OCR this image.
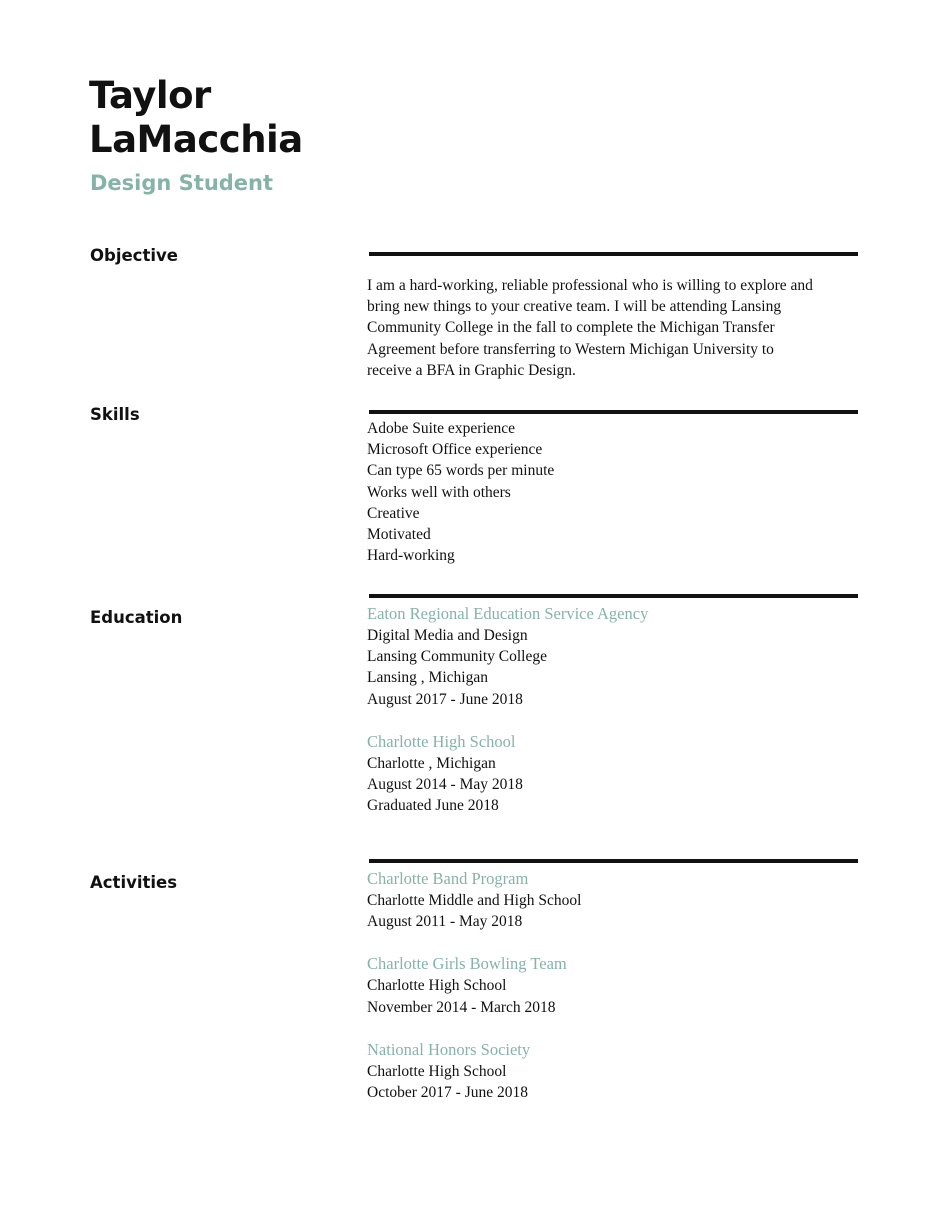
Taylor
LaMacchia
Design Student
Objective
I am a hard-working, reliable professional who is willing to explore and
bring new things to your creative team. I will be attending Lansing
Community College in the fall to complete the Michigan Transfer
Agreement before transferring to Western Michigan University to
receive a BFA in Graphic Design.
Skills
Adobe Suite experience
Microsoft Office experience
Can type 65 words per minute
Works well with others
Creative
Motivated
Hard-working
Education	Eaton Regional Education Service Agency
Digital Media and Design
Lansing Community College
Lansing , Michigan
August 2017 - June 2018
Charlotte High School
Charlotte , Michigan
August 2014 - May 2018
Graduated June 2018
Activities	Charlotte Band Program
Charlotte Middle and High School
August 2011 - May 2018
Charlotte Girls Bowling Team
Charlotte High School
November 2014 - March 2018
National Honors Society
Charlotte High School
October 2017 - June 2018
